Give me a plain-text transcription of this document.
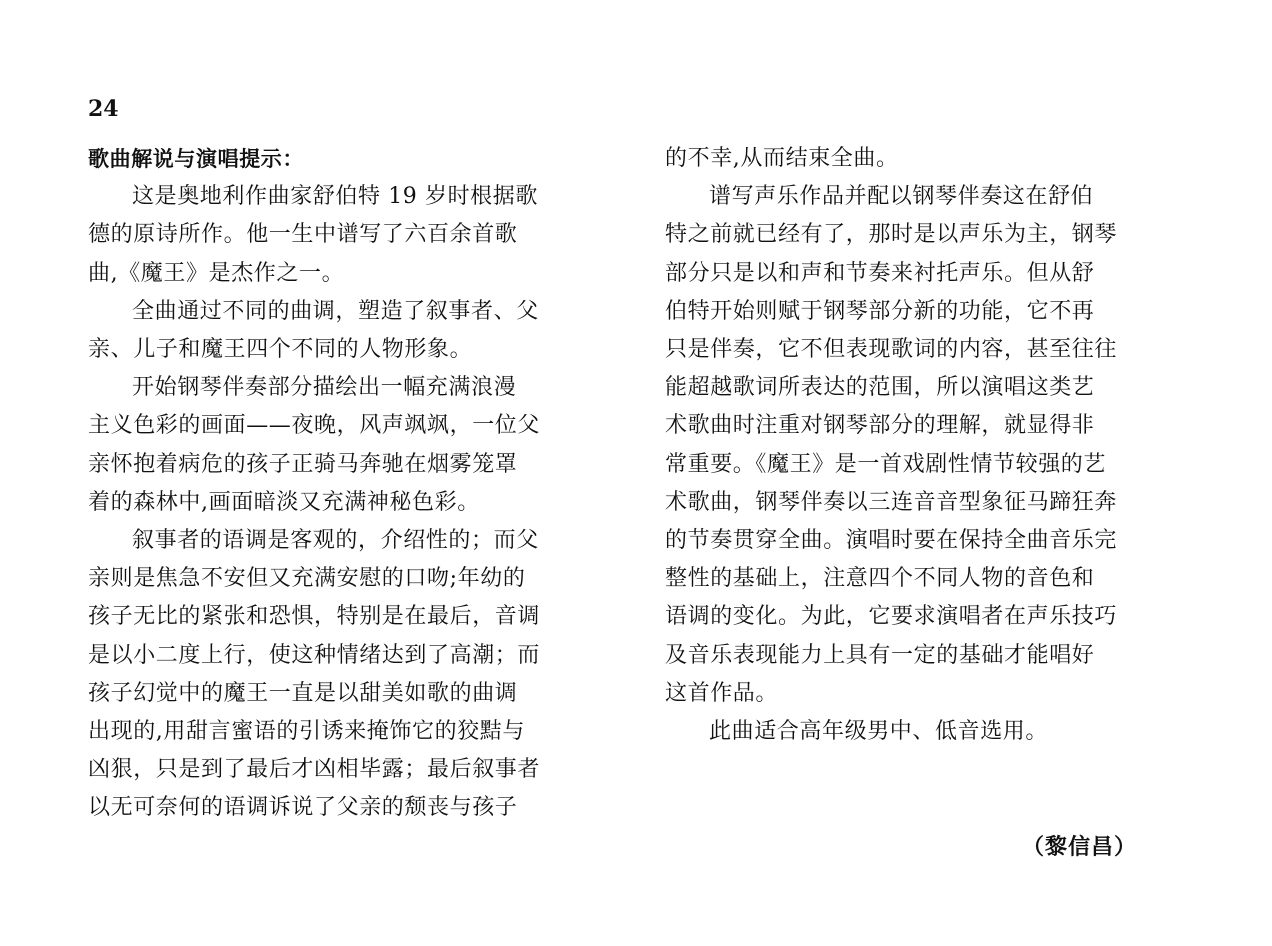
24
歌曲解说与演唱提示：
这是奥地利作曲家舒伯特 19 岁时根据歌
德的原诗所作。他一生中谱写了六百余首歌
曲,《魔王》是杰作之一。
全曲通过不同的曲调，塑造了叙事者、父
亲、儿子和魔王四个不同的人物形象。
开始钢琴伴奏部分描绘出一幅充满浪漫
主义色彩的画面——夜晚，风声飒飒，一位父
亲怀抱着病危的孩子正骑马奔驰在烟雾笼罩
着的森林中,画面暗淡又充满神秘色彩。
叙事者的语调是客观的，介绍性的；而父
亲则是焦急不安但又充满安慰的口吻;年幼的
孩子无比的紧张和恐惧，特别是在最后，音调
是以小二度上行，使这种情绪达到了高潮；而
孩子幻觉中的魔王一直是以甜美如歌的曲调
出现的,用甜言蜜语的引诱来掩饰它的狡黠与
凶狠，只是到了最后才凶相毕露；最后叙事者
以无可奈何的语调诉说了父亲的颓丧与孩子
的不幸,从而结束全曲。
谱写声乐作品并配以钢琴伴奏这在舒伯
特之前就已经有了，那时是以声乐为主，钢琴
部分只是以和声和节奏来衬托声乐。但从舒
伯特开始则赋于钢琴部分新的功能，它不再
只是伴奏，它不但表现歌词的内容，甚至往往
能超越歌词所表达的范围，所以演唱这类艺
术歌曲时注重对钢琴部分的理解，就显得非
常重要。《魔王》是一首戏剧性情节较强的艺
术歌曲，钢琴伴奏以三连音音型象征马蹄狂奔
的节奏贯穿全曲。演唱时要在保持全曲音乐完
整性的基础上，注意四个不同人物的音色和
语调的变化。为此，它要求演唱者在声乐技巧
及音乐表现能力上具有一定的基础才能唱好
这首作品。
此曲适合高年级男中、低音选用。
（黎信昌）
